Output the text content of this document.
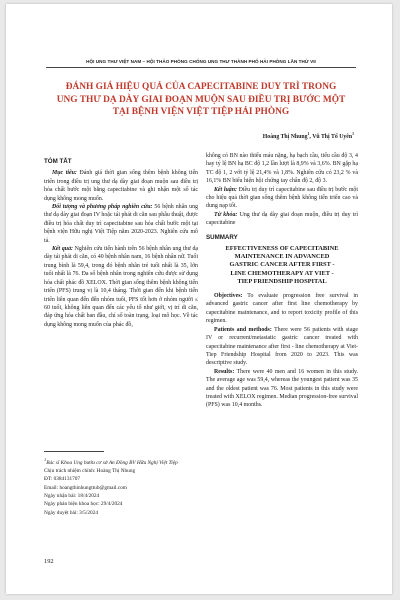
HỘI UNG THƯ VIỆT NAM – HỘI THẢO PHÒNG CHỐNG UNG THƯ THÀNH PHỐ HẢI PHÒNG LẦN THỨ VII
ĐÁNH GIÁ HIỆU QUẢ CỦA CAPECITABINE DUY TRÌ TRONG
UNG THƯ DẠ DÀY GIAI ĐOẠN MUỘN SAU ĐIỀU TRỊ BƯỚC MỘT
TẠI BỆNH VIỆN VIỆT TIỆP HẢI PHÒNG
Hoàng Thị Nhung$^1$, Vũ Thị Tố Uyên$^1$
TÓM TẮT

Mục tiêu: Đánh giá thời gian sống thêm bệnh không tiến triển trong điều trị ung thư dạ dày giai đoạn muộn sau điều trị hóa chất bước một bằng capecitabine và ghi nhận một số tác dụng không mong muốn.

Đối tượng và phương pháp nghiên cứu: 56 bệnh nhân ung thư dạ dày giai đoạn IV hoặc tái phát di căn sau phẫu thuật, được điều trị hóa chất duy trì capecitabine sau hóa chất bước một tại bệnh viện Hữu nghị Việt Tiệp năm 2020-2023. Nghiên cứu mô tả.

Kết quả: Nghiên cứu tiến hành trên 56 bệnh nhân ung thư dạ dày tái phát di căn, có 40 bệnh nhân nam, 16 bệnh nhân nữ. Tuổi trung bình là 59,4, trong đó bệnh nhân trẻ tuổi nhất là 35, lớn tuổi nhất là 76. Đa số bệnh nhân trong nghiên cứu được sử dụng hóa chất phác đồ XELOX. Thời gian sống thêm bệnh không tiến triển (PFS) trung vị là 10,4 tháng. Thời gian đến khi bệnh tiến triển liên quan đến đến nhóm tuổi, PFS tốt hơn ở nhóm người ≤ 60 tuổi, không liên quan đến các yếu tố như giới, vị trí di căn, đáp ứng hóa chất ban đầu, chỉ số toàn trạng, loại mô học. Về tác dụng không mong muốn của phác đồ,

$^1$Bác sĩ Khoa Ung bướu cơ sở An Đồng BV Hữu Nghị Việt Tiệp
Chịu trách nhiệm chính: Hoàng Thị Nhung
ĐT: 0384131707
Email: hoangthinhungttub@gmail.com
Ngày nhận bài: 18/4/2024
Ngày phản biện khoa học: 29/4/2024
Ngày duyệt bài: 3/5/2024

không có BN nào thiếu máu nặng, hạ bạch cầu, tiểu cầu độ 3, 4 hay tỷ lệ BN hạ BC độ 1,2 lần lượt là 8,9% và 3,6%. BN gặp hạ TC độ 1, 2 với tỷ lệ 21,4% và 1,8%. Nghiên cứu có 23,2 % và 16,1% BN biểu hiện hội chứng tay chân độ 2, độ 3.

Kết luận: Điều trị duy trì capecitabine sau điều trị bước một cho hiệu quả thời gian sống thêm bệnh không tiến triển cao và dung nạp tốt.

Từ khóa: Ung thư dạ dày giai đoạn muộn, điều trị duy trì capecitabine

SUMMARY
EFFECTIVENESS OF CAPECITABINE
MAINTENANCE IN ADVANCED
GASTRIC CANCER AFTER FIRST -
LINE CHEMOTHERAPY AT VIET -
TIEP FRIENDSHIP HOSPITAL

Objectives: To evaluate progression free survival in advanced gastric cancer after first line chemotherapy by capecitabine maintenance, and to report toxicity profile of this regimen.

Patients and methods: There were 56 patients with stage IV or recurrent/metastatic gastric cancer treated with capecitabine maintenance after first - line chemotherapy at Viet- Tiep Friendship Hospital from 2020 to 2023. This was descriptive study.

Results: There were 40 men and 16 women in this study. The average age was 59,4, whereas the youngest patient was 35 and the oldest patient was 76. Most patients in this study were treated with XELOX regimen. Median progression-free survival (PFS) was 10,4 months.

192
